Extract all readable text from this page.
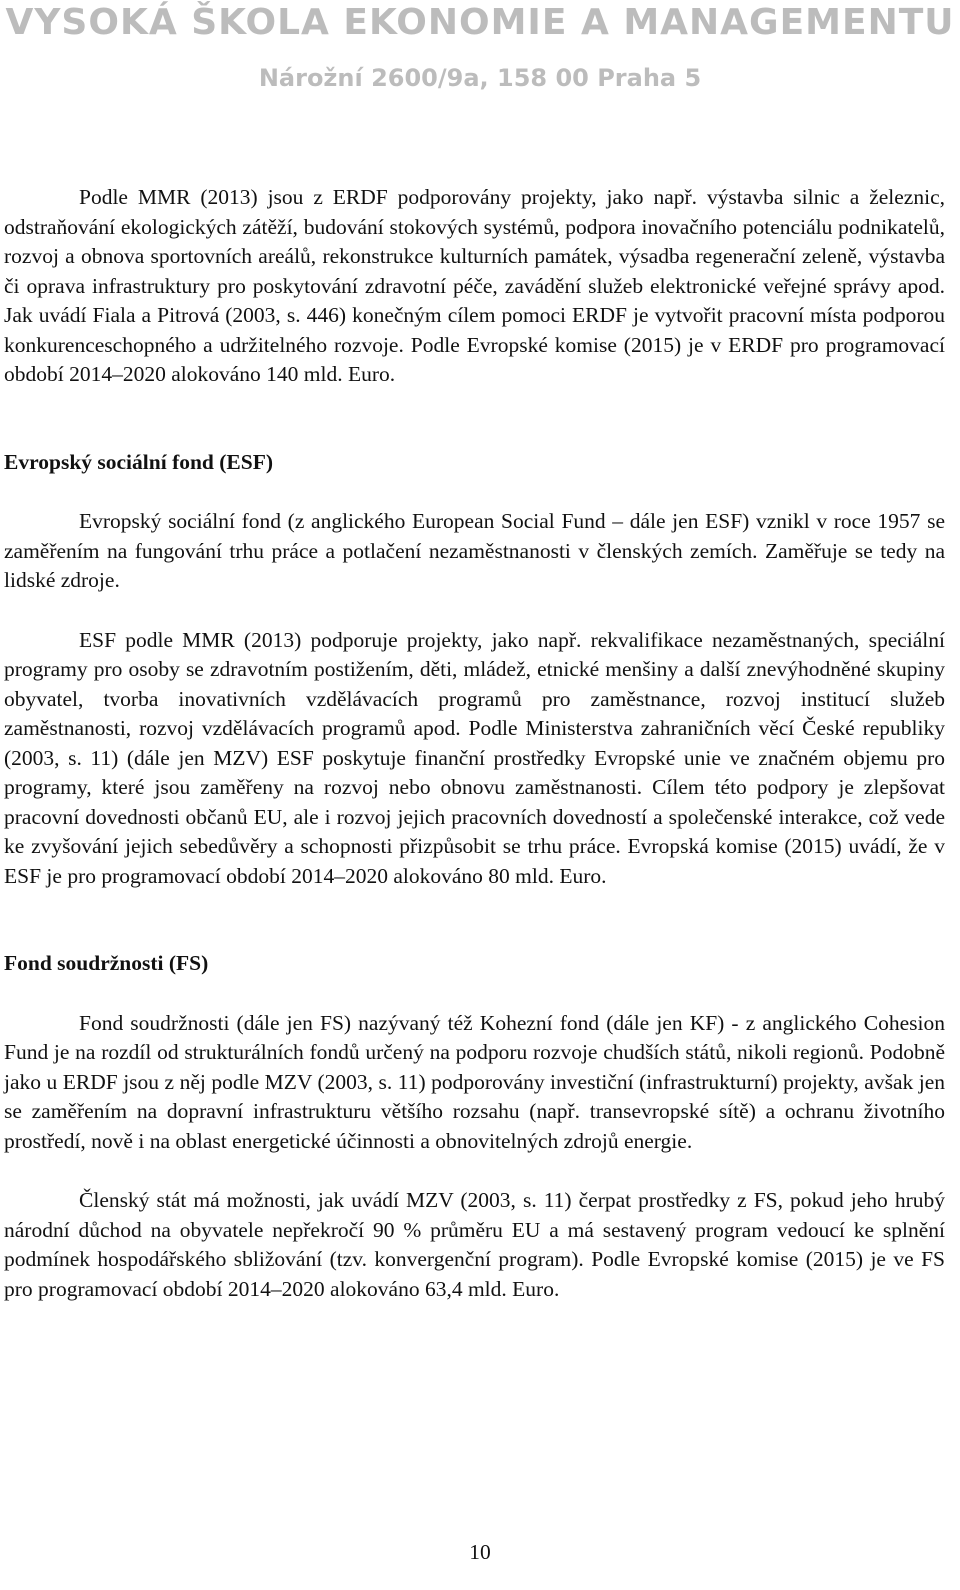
VYSOKÁ ŠKOLA EKONOMIE A MANAGEMENTU
Nárožní 2600/9a, 158 00 Praha 5

Podle MMR (2013) jsou z ERDF podporovány projekty, jako např. výstavba silnic a železnic, odstraňování ekologických zátěží, budování stokových systémů, podpora inovačního potenciálu podnikatelů, rozvoj a obnova sportovních areálů, rekonstrukce kulturních památek, výsadba regenerační zeleně, výstavba či oprava infrastruktury pro poskytování zdravotní péče, zavádění služeb elektronické veřejné správy apod. Jak uvádí Fiala a Pitrová (2003, s. 446) konečným cílem pomoci ERDF je vytvořit pracovní místa podporou konkurenceschopného a udržitelného rozvoje. Podle Evropské komise (2015) je v ERDF pro programovací období 2014–2020 alokováno 140 mld. Euro.

Evropský sociální fond (ESF)

Evropský sociální fond (z anglického European Social Fund – dále jen ESF) vznikl v roce 1957 se zaměřením na fungování trhu práce a potlačení nezaměstnanosti v členských zemích. Zaměřuje se tedy na lidské zdroje.

ESF podle MMR (2013) podporuje projekty, jako např. rekvalifikace nezaměstnaných, speciální programy pro osoby se zdravotním postižením, děti, mládež, etnické menšiny a další znevýhodněné skupiny obyvatel, tvorba inovativních vzdělávacích programů pro zaměstnance, rozvoj institucí služeb zaměstnanosti, rozvoj vzdělávacích programů apod. Podle Ministerstva zahraničních věcí České republiky (2003, s. 11) (dále jen MZV) ESF poskytuje finanční prostředky Evropské unie ve značném objemu pro programy, které jsou zaměřeny na rozvoj nebo obnovu zaměstnanosti. Cílem této podpory je zlepšovat pracovní dovednosti občanů EU, ale i rozvoj jejich pracovních dovedností a společenské interakce, což vede ke zvyšování jejich sebedůvěry a schopnosti přizpůsobit se trhu práce. Evropská komise (2015) uvádí, že v ESF je pro programovací období 2014–2020 alokováno 80 mld. Euro.

Fond soudržnosti (FS)

Fond soudržnosti (dále jen FS) nazývaný též Kohezní fond (dále jen KF) - z anglického Cohesion Fund je na rozdíl od strukturálních fondů určený na podporu rozvoje chudších států, nikoli regionů. Podobně jako u ERDF jsou z něj podle MZV (2003, s. 11) podporovány investiční (infrastrukturní) projekty, avšak jen se zaměřením na dopravní infrastrukturu většího rozsahu (např. transevropské sítě) a ochranu životního prostředí, nově i na oblast energetické účinnosti a obnovitelných zdrojů energie.

Členský stát má možnosti, jak uvádí MZV (2003, s. 11) čerpat prostředky z FS, pokud jeho hrubý národní důchod na obyvatele nepřekročí 90 % průměru EU a má sestavený program vedoucí ke splnění podmínek hospodářského sbližování (tzv. konvergenční program). Podle Evropské komise (2015) je ve FS pro programovací období 2014–2020 alokováno 63,4 mld. Euro.

10
